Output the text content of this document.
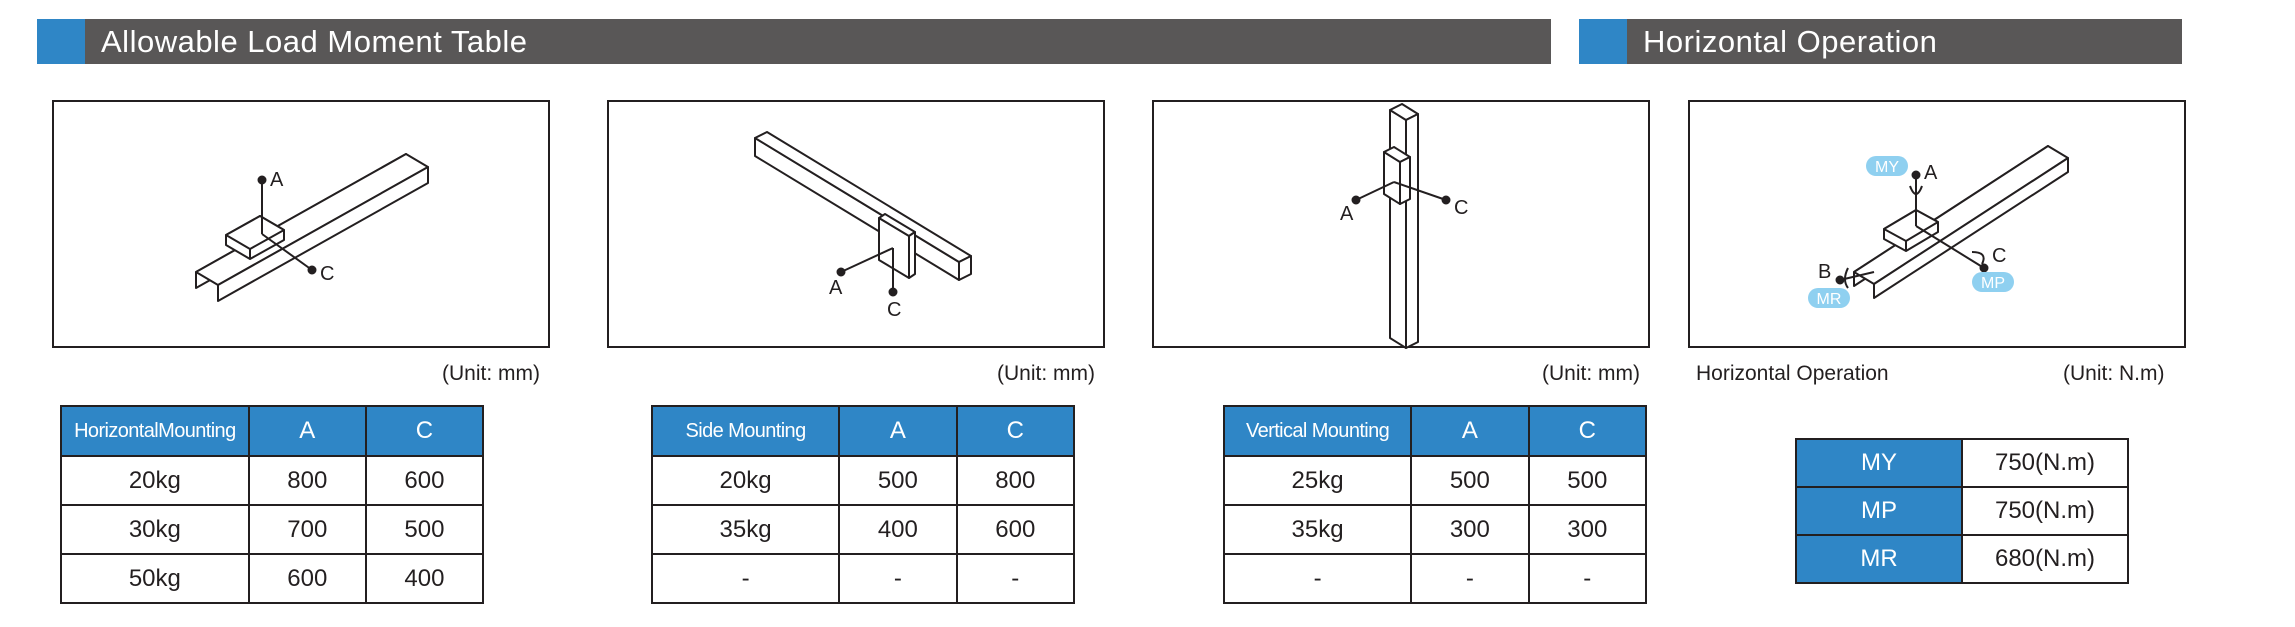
Allowable Load Moment Table	Horizontal Operation
A
C
A
C
A	C
A
B
C
MY
MP
MR
(Unit: mm)	(Unit: mm)	(Unit: mm)	Horizontal Operation	(Unit: N.m)
HorizontalMounting	A	C
20kg	800	600
30kg	700	500
50kg	600	400
Side Mounting	A	C
20kg	500	800
35kg	400	600
-	-	-
Vertical Mounting	A	C
25kg	500	500
35kg	300	300
-	-	-
MY	750(N.m)
MP	750(N.m)
MR	680(N.m)
